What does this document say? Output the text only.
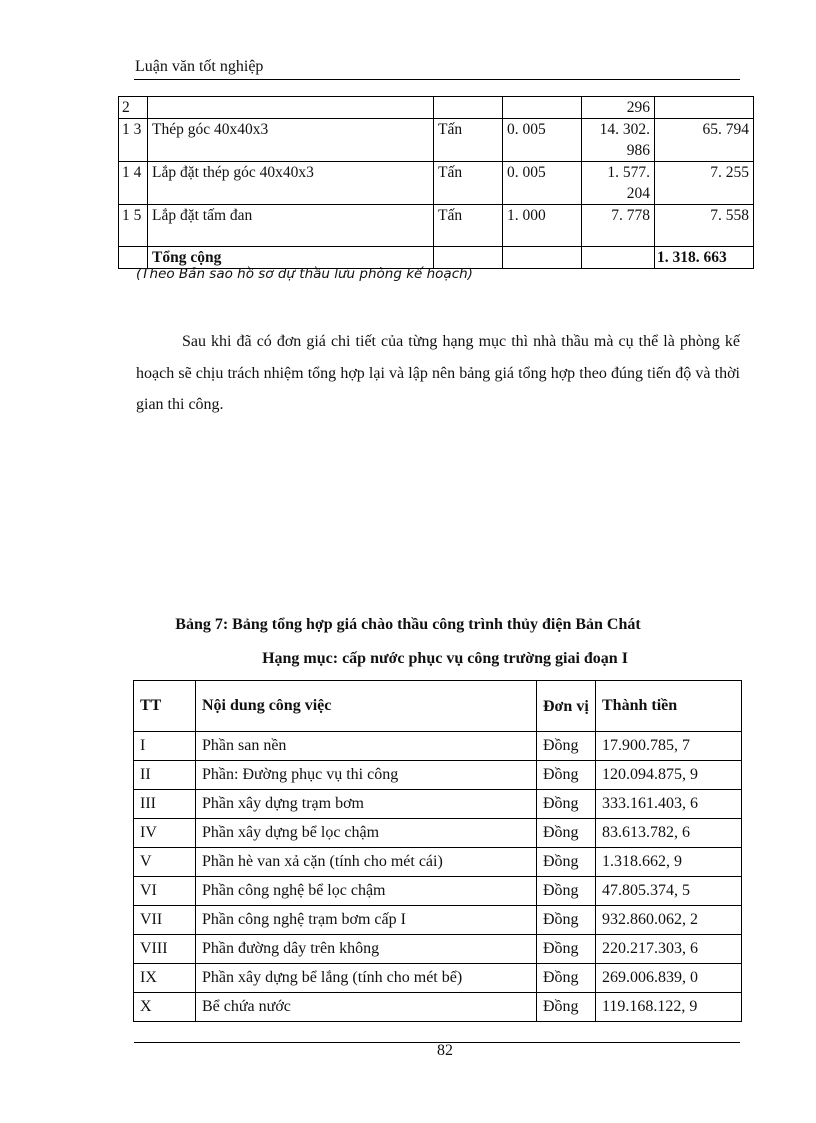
Luận văn tốt nghiệp
2				296	
1 3	Thép góc 40x40x3	Tấn	0. 005	14. 302. 986	65. 794
1 4	Lắp đặt thép góc 40x40x3	Tấn	0. 005	1. 577. 204	7. 255
1 5	Lắp đặt tấm đan	Tấn	1. 000	7. 778	7. 558
	Tổng cộng				1. 318. 663
(Theo Bản sao hồ sơ dự thầu lưu phòng kế hoạch)
Sau khi đã có đơn giá chi tiết của từng hạng mục thì nhà thầu mà cụ thể là phòng kế hoạch sẽ chịu trách nhiệm tổng hợp lại và lập nên bảng giá tổng hợp theo đúng tiến độ và thời gian thi công.
Bảng 7: Bảng tổng hợp giá chào thầu công trình thủy điện Bản Chát
Hạng mục: cấp nước phục vụ công trường giai đoạn I
TT	Nội dung công việc	Đơn vị	Thành tiền
I	Phần san nền	Đồng	17.900.785, 7
II	Phần: Đường phục vụ thi công	Đồng	120.094.875, 9
III	Phần xây dựng trạm bơm	Đồng	333.161.403, 6
IV	Phần xây dựng bể lọc chậm	Đồng	83.613.782, 6
V	Phần hè van xả cặn (tính cho mét cái)	Đồng	1.318.662, 9
VI	Phần công nghệ bể lọc chậm	Đồng	47.805.374, 5
VII	Phần công nghệ trạm bơm cấp I	Đồng	932.860.062, 2
VIII	Phần đường dây trên không	Đồng	220.217.303, 6
IX	Phần xây dựng bể lắng (tính cho mét bể)	Đồng	269.006.839, 0
X	Bể chứa nước	Đồng	119.168.122, 9
82
